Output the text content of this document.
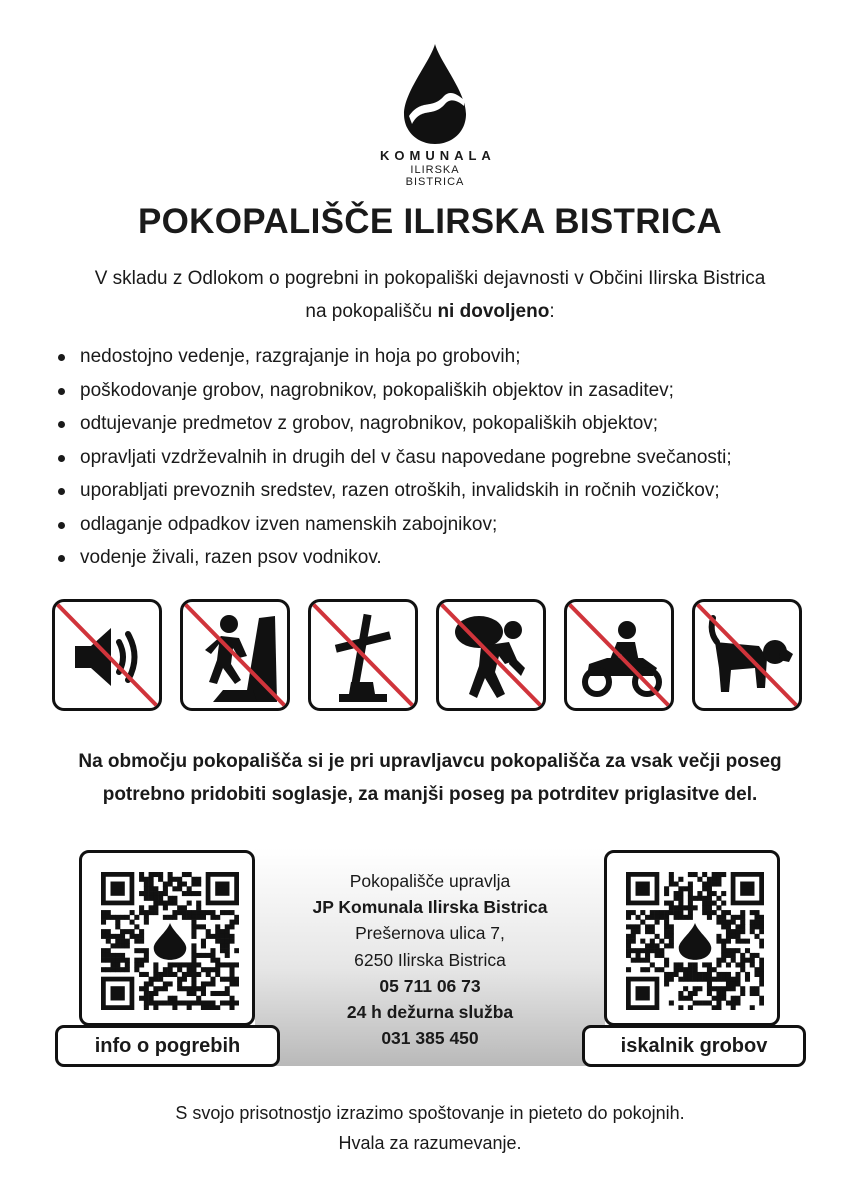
KOMUNALA
ILIRSKA BISTRICA
POKOPALIŠČE ILIRSKA BISTRICA
V skladu z Odlokom o pogrebni in pokopališki dejavnosti v Občini Ilirska Bistrica
na pokopališču ni dovoljeno:
nedostojno vedenje, razgrajanje in hoja po grobovih;
poškodovanje grobov, nagrobnikov, pokopaliških objektov in zasaditev;
odtujevanje predmetov z grobov, nagrobnikov, pokopaliških objektov;
opravljati vzdrževalnih in drugih del v času napovedane pogrebne svečanosti;
uporabljati prevoznih sredstev, razen otroških, invalidskih in ročnih vozičkov;
odlaganje odpadkov izven namenskih zabojnikov;
vodenje živali, razen psov vodnikov.
Na območju pokopališča si je pri upravljavcu pokopališča za vsak večji poseg
potrebno pridobiti soglasje, za manjši poseg pa potrditev priglasitve del.
Pokopališče upravlja
JP Komunala Ilirska Bistrica
Prešernova ulica 7,
6250 Ilirska Bistrica
05 711 06 73
24 h dežurna služba
031 385 450
info o pogrebih	iskalnik grobov
S svojo prisotnostjo izrazimo spoštovanje in pieteto do pokojnih.
Hvala za razumevanje.
